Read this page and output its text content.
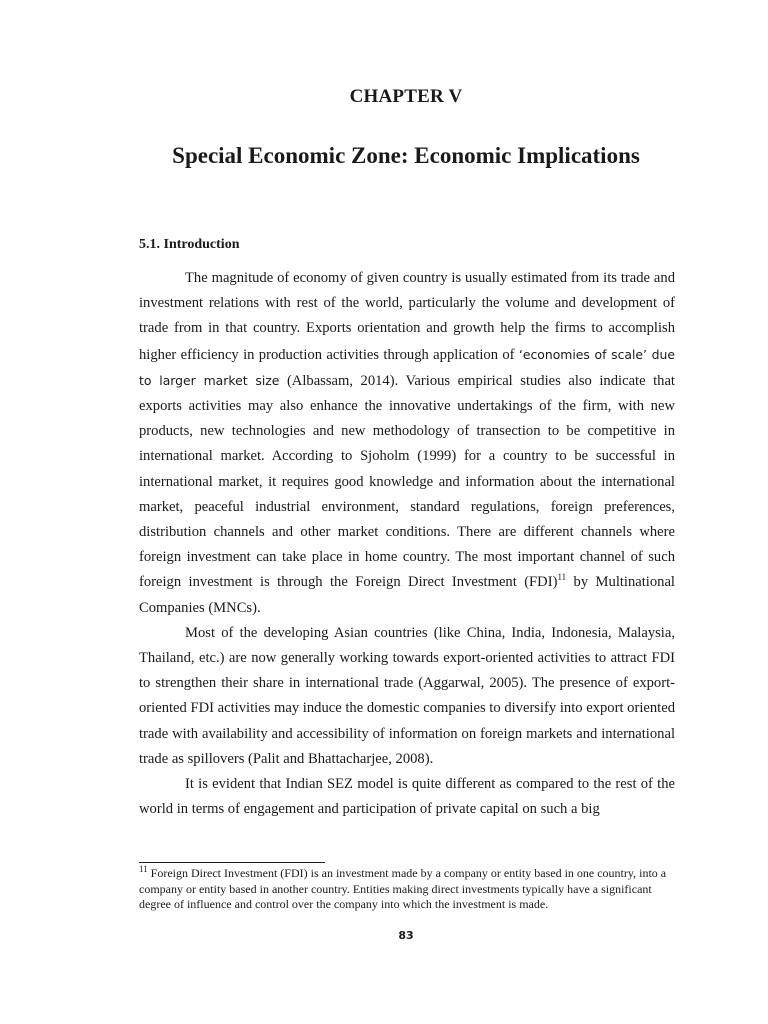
CHAPTER V
Special Economic Zone: Economic Implications
5.1. Introduction

The magnitude of economy of given country is usually estimated from its trade and investment relations with rest of the world, particularly the volume and development of trade from in that country. Exports orientation and growth help the firms to accomplish higher efficiency in production activities through application of ‘economies of scale’ due to larger market size (Albassam, 2014). Various empirical studies also indicate that exports activities may also enhance the innovative undertakings of the firm, with new products, new technologies and new methodology of transection to be competitive in international market. According to Sjoholm (1999) for a country to be successful in international market, it requires good knowledge and information about the international market, peaceful industrial environment, standard regulations, foreign preferences, distribution channels and other market conditions. There are different channels where foreign investment can take place in home country. The most important channel of such foreign investment is through the Foreign Direct Investment (FDI)$^{11}$ by Multinational Companies (MNCs).

Most of the developing Asian countries (like China, India, Indonesia, Malaysia, Thailand, etc.) are now generally working towards export-oriented activities to attract FDI to strengthen their share in international trade (Aggarwal, 2005). The presence of export-oriented FDI activities may induce the domestic companies to diversify into export oriented trade with availability and accessibility of information on foreign markets and international trade as spillovers (Palit and Bhattacharjee, 2008).

It is evident that Indian SEZ model is quite different as compared to the rest of the world in terms of engagement and participation of private capital on such a big

$^{11}$ Foreign Direct Investment (FDI) is an investment made by a company or entity based in one country, into a company or entity based in another country. Entities making direct investments typically have a significant degree of influence and control over the company into which the investment is made.
83
